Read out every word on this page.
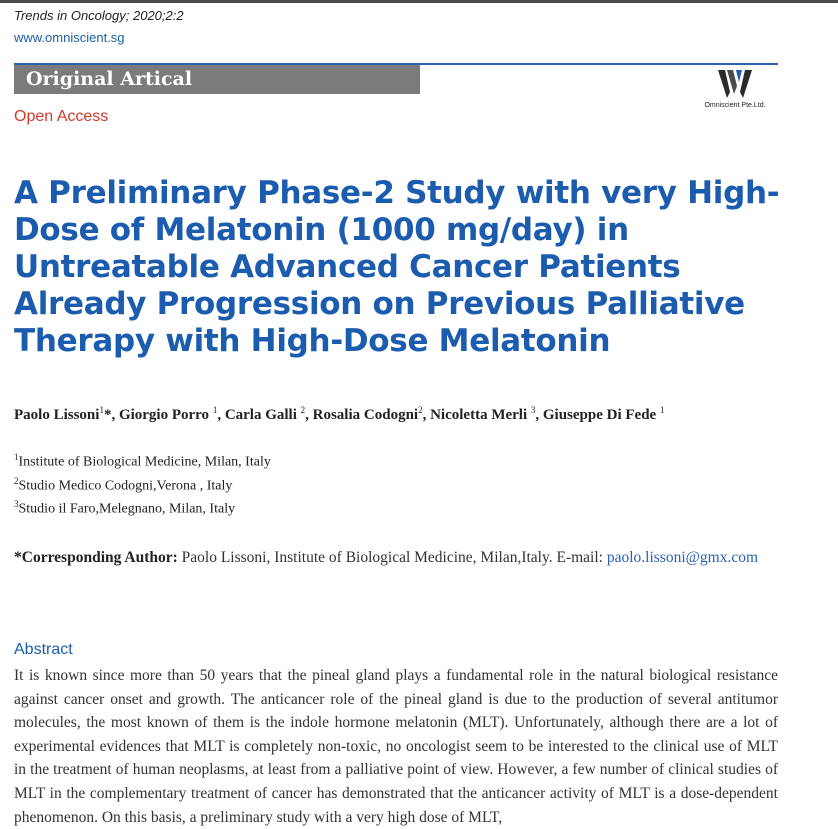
Trends in Oncology; 2020;2:2
www.omniscient.sg
Original Artical
Open Access
Omniscient Pte.Ltd.
A Preliminary Phase-2 Study with very High-Dose of Melatonin (1000 mg/day) in Untreatable Advanced Cancer Patients Already Progression on Previous Palliative Therapy with High-Dose Melatonin
Paolo Lissoni$^1$*, Giorgio Porro $^1$, Carla Galli $^2$, Rosalia Codogni$^2$, Nicoletta Merli $^3$, Giuseppe Di Fede $^1$
$^1$Institute of Biological Medicine, Milan, Italy
$^2$Studio Medico Codogni,Verona , Italy
$^3$Studio il Faro,Melegnano, Milan, Italy
*Corresponding Author: Paolo Lissoni, Institute of Biological Medicine, Milan,Italy. E-mail: paolo.lissoni@gmx.com
Abstract

It is known since more than 50 years that the pineal gland plays a fundamental role in the natural biological resistance against cancer onset and growth. The anticancer role of the pineal gland is due to the production of several antitumor molecules, the most known of them is the indole hormone melatonin (MLT). Unfortunately, although there are a lot of experimental evidences that MLT is completely non-toxic, no oncologist seem to be interested to the clinical use of MLT in the treatment of human neoplasms, at least from a palliative point of view. However, a few number of clinical studies of MLT in the complementary treatment of cancer has demonstrated that the anticancer activity of MLT is a dose-dependent phenomenon. On this basis, a preliminary study with a very high dose of MLT,
